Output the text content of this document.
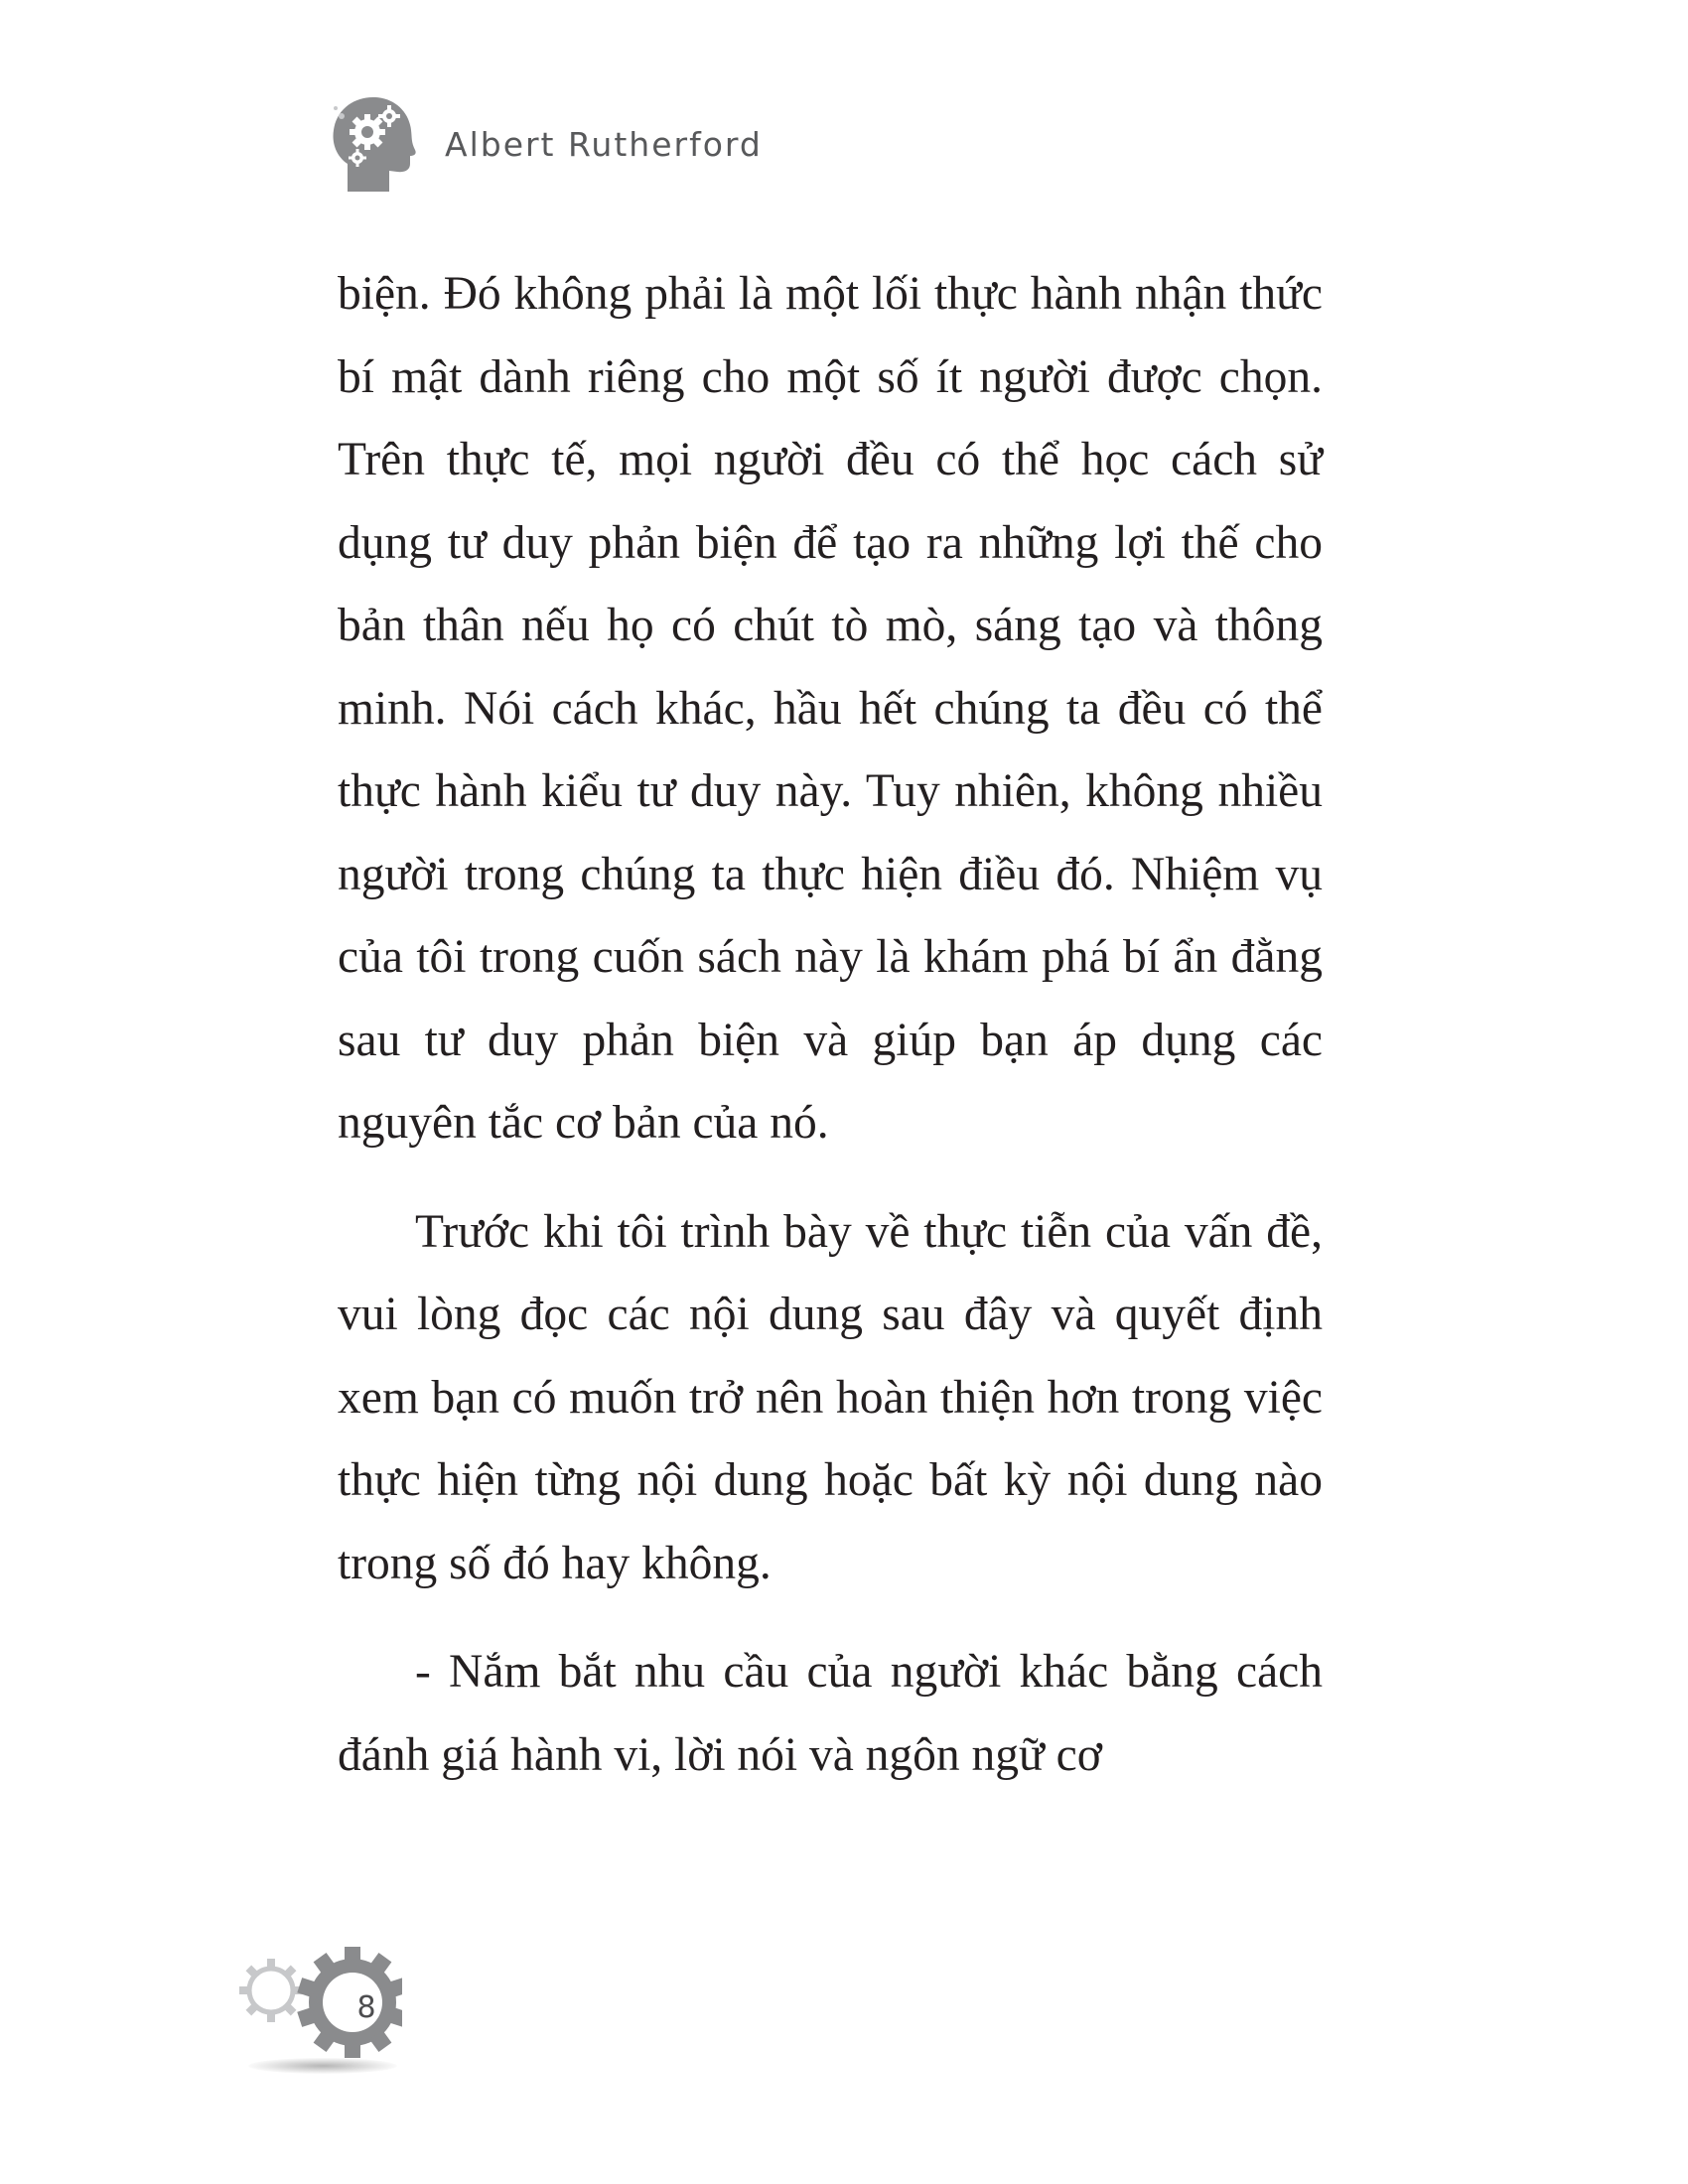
Albert Rutherford

biện. Đó không phải là một lối thực hành nhận thức bí mật dành riêng cho một số ít người được chọn. Trên thực tế, mọi người đều có thể học cách sử dụng tư duy phản biện để tạo ra những lợi thế cho bản thân nếu họ có chút tò mò, sáng tạo và thông minh. Nói cách khác, hầu hết chúng ta đều có thể thực hành kiểu tư duy này. Tuy nhiên, không nhiều người trong chúng ta thực hiện điều đó. Nhiệm vụ của tôi trong cuốn sách này là khám phá bí ẩn đằng sau tư duy phản biện và giúp bạn áp dụng các nguyên tắc cơ bản của nó.

Trước khi tôi trình bày về thực tiễn của vấn đề, vui lòng đọc các nội dung sau đây và quyết định xem bạn có muốn trở nên hoàn thiện hơn trong việc thực hiện từng nội dung hoặc bất kỳ nội dung nào trong số đó hay không.

- Nắm bắt nhu cầu của người khác bằng cách đánh giá hành vi, lời nói và ngôn ngữ cơ

8
